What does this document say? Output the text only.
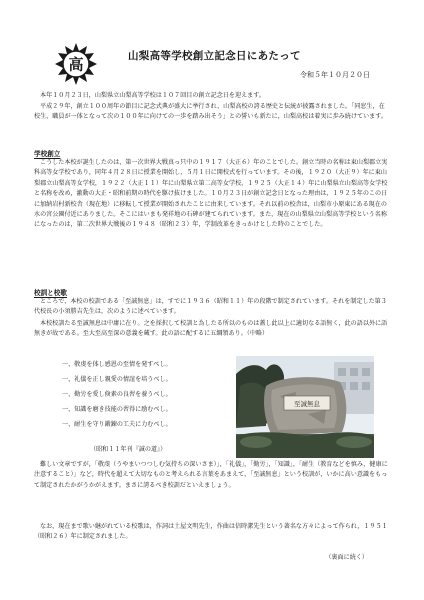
高	山梨高等学校創立記念日にあたって
令和５年１０月２０日
本年１０月２３日，山梨県立山梨高等学校は１０７回目の創立記念日を迎えます。
平成２９年，創立１００周年の節目に記念式典が盛大に挙行され，山梨高校の誇る歴史と伝統が披露されました。「同窓生，在校生，職員が一体となって次の１００年に向けての一歩を踏み出そう」との誓いも新たに，山梨高校は着実に歩み続けています。
学校創立
こうした本校が誕生したのは，第一次世界大戦真っ只中の１９１７（大正６）年のことでした。創立当時の名称は東山梨郡立実科高等女学校であり，同年４月２８日に授業を開始し，５月１日に開校式を行っています。その後，１９２０（大正９）年に東山梨郡立山梨高等女学校，１９２２（大正１１）年に山梨県立第二高等女学校，１９２５（大正１４）年に山梨県立山梨高等女学校と名称を改め，激動の大正・昭和前期の時代を駆け抜けました。１０月２３日が創立記念日となった理由は，１９２５年のこの日に加納岩村新校舎（現在地）に移転して授業が開始されたことに由来しています。それ以前の校舎は，山梨市小原東にある現在の水の宮公園付近にありました。そこにはいまも発祥地の石碑が建てられています。また，現在の山梨県立山梨高等学校という名称になったのは，第二次世界大戦後の１９４８（昭和２３）年，学制改革をきっかけとした時のことでした。
校訓と校歌
ところで，本校の校訓である「至誠無息」は，すでに１９３６（昭和１１）年の段階で制定されています。それを制定した第３代校長の小須勝吉先生は，次のように述べています。
本校校訓たる至誠無息は中庸に在り。之を採択して校訓と為したる所以のものは蓋し此以上に適切なる語無く，此の語以外に語無きが故である。至大至高至深の意義を蔵す。此の語に配するに五綱領あり。（中略）
一、敬虔を体し感恩の至情を発すべし。
一、礼儀を正し親愛の情誼を培うべし。
一、勤労を愛し倹素の良習を養うべし。
一、知識を磨き技能の習得に励むべし。
一、耐生を守り鍛錬の工夫に力むべし。
（昭和１１年刊『誠の道』）
至誠無息
難しい文章ですが，「敬虔（うやまいつつしむ気持ちの深いさま）」，「礼儀」，「勤労」，「知識」，「耐生（教育などを慎み，健康に注意すること）」など，時代を超えて大切なものと考えられる言葉をあまえて，「至誠無息」という校訓が，いかに高い意識をもって制定されたかがうかがえます。まさに誇るべき校訓だといえましょう。
なお，現在まで歌い継がれている校歌は，作詞は土屋文明先生，作曲は信時潔先生という著名な方々によって作られ，１９５１（昭和２６）年に制定されました。
（裏面に続く）
